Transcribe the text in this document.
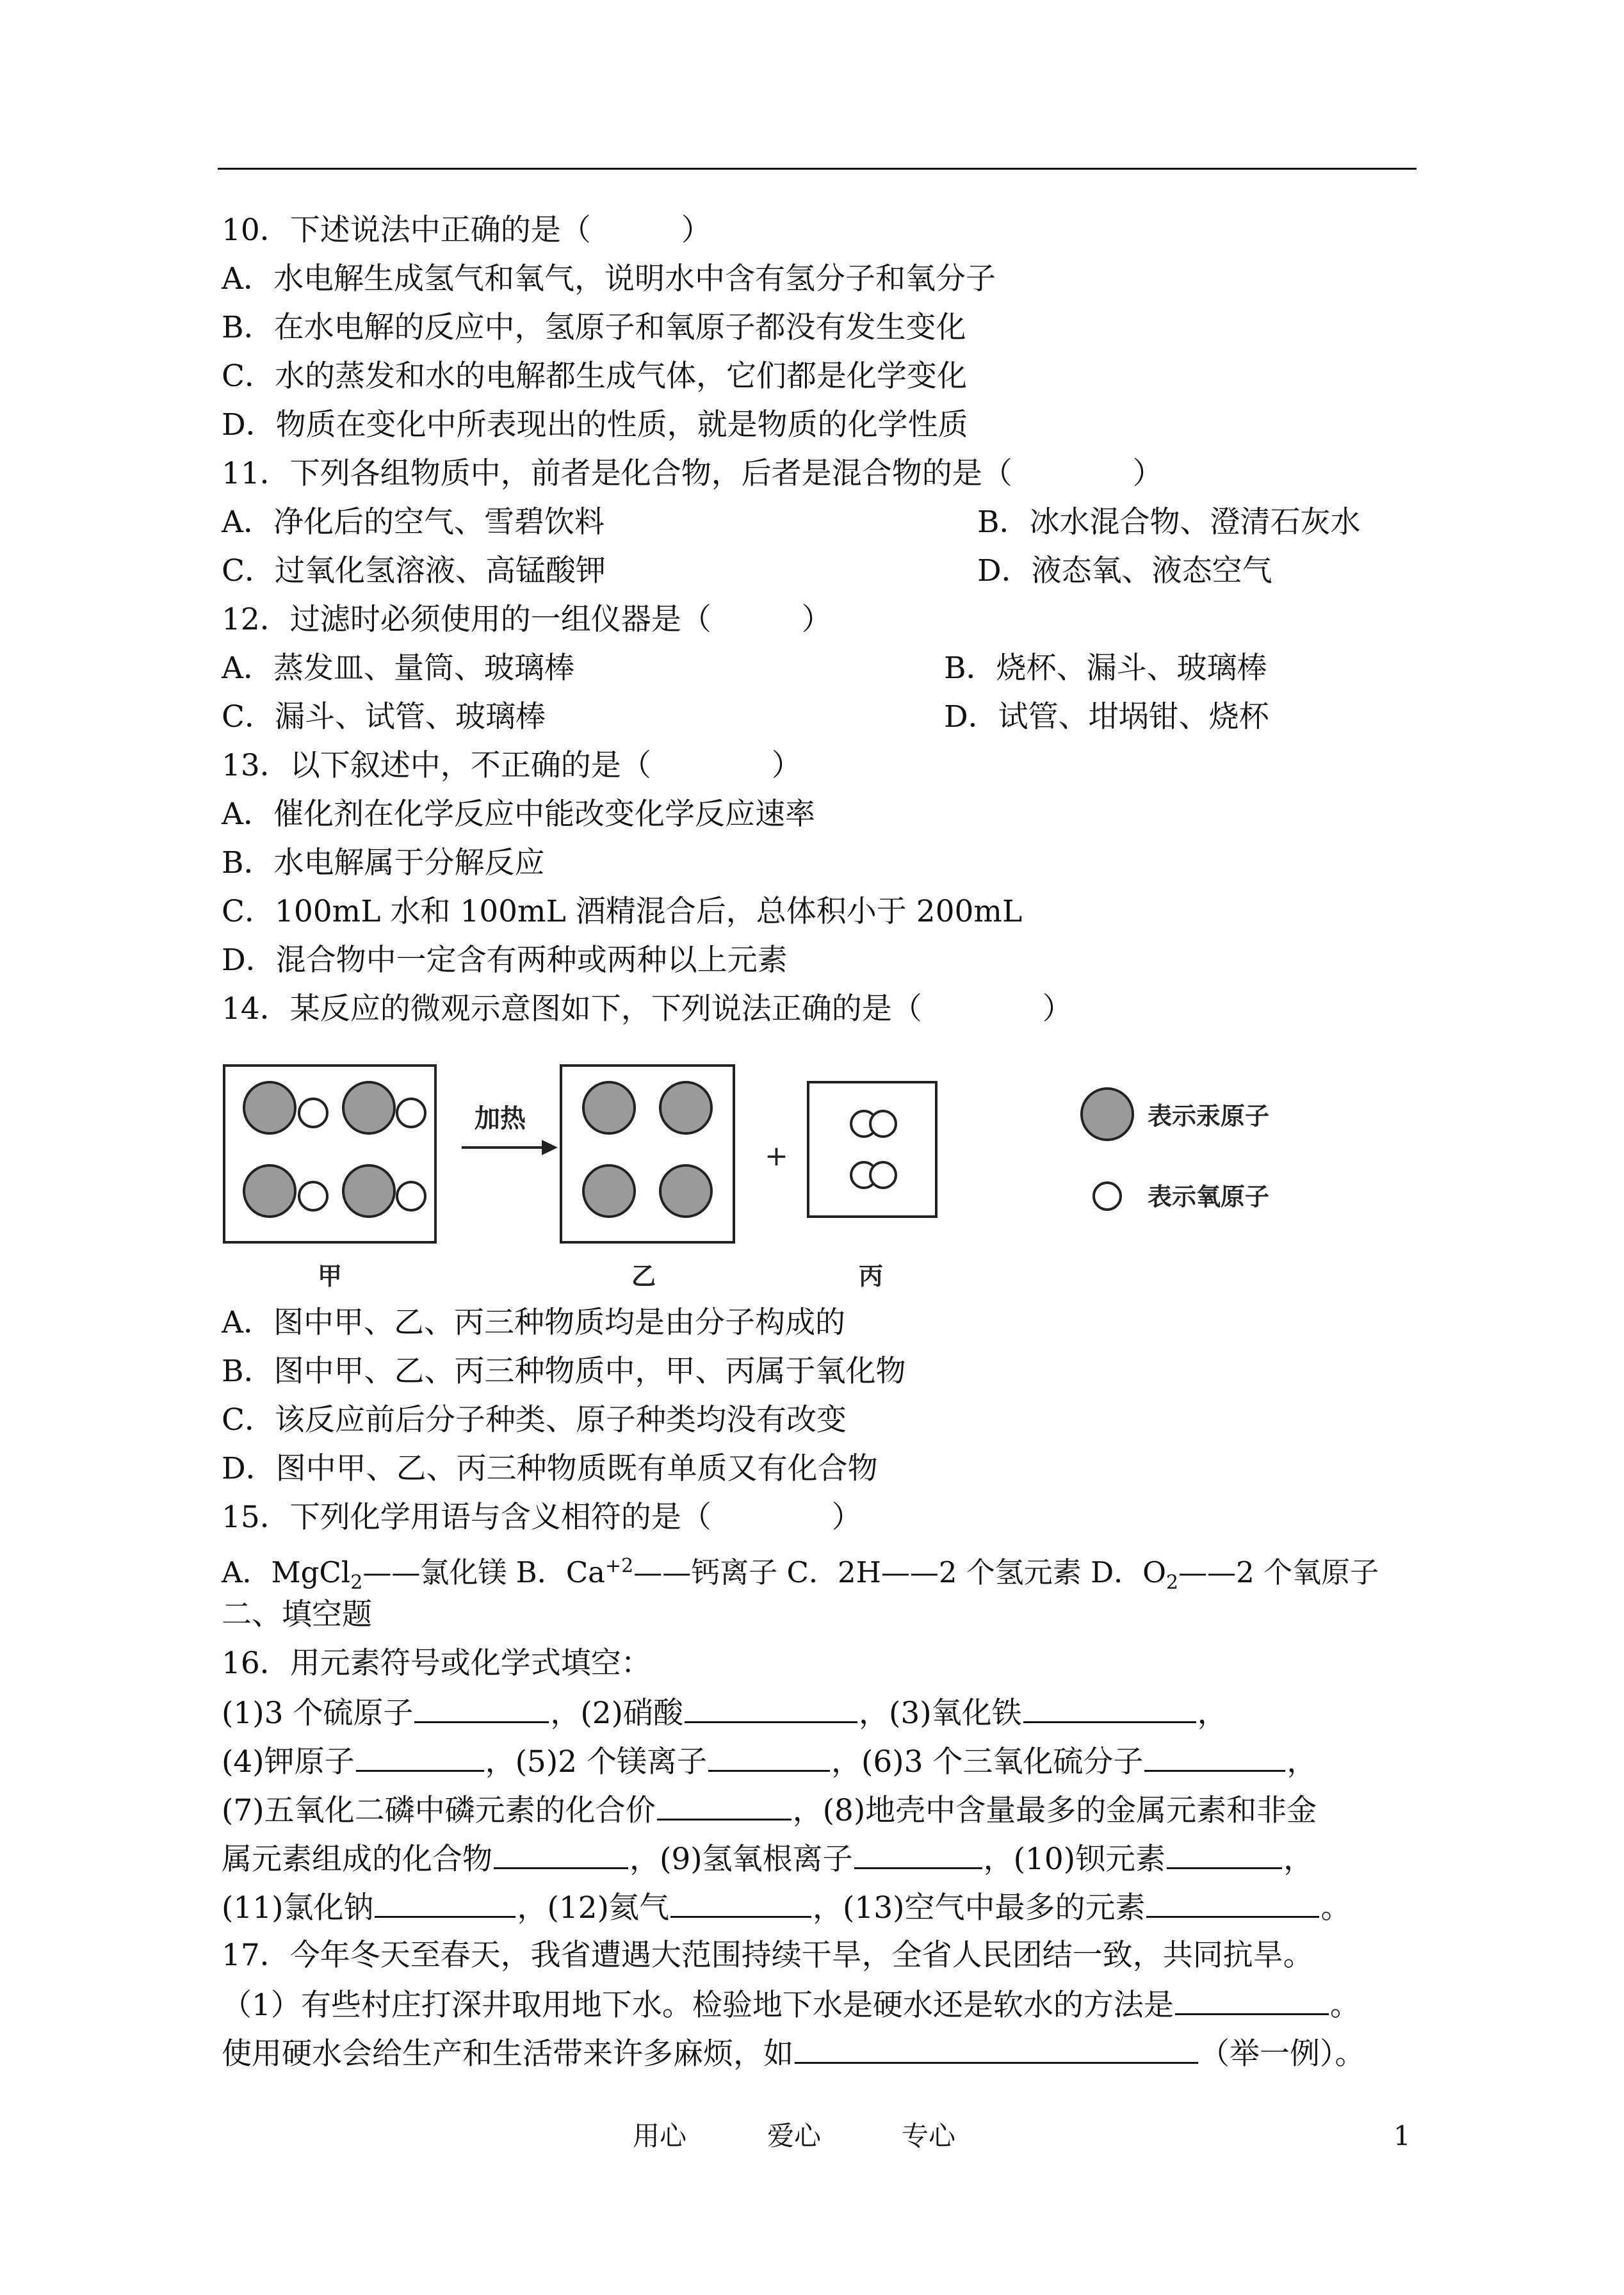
10．下述说法中正确的是（　　　）
A．水电解生成氢气和氧气，说明水中含有氢分子和氧分子
B．在水电解的反应中，氢原子和氧原子都没有发生变化
C．水的蒸发和水的电解都生成气体，它们都是化学变化
D．物质在变化中所表现出的性质，就是物质的化学性质
11．下列各组物质中，前者是化合物，后者是混合物的是（　　　　）
A．净化后的空气、雪碧饮料	B．冰水混合物、澄清石灰水
C．过氧化氢溶液、高锰酸钾	D．液态氧、液态空气
12．过滤时必须使用的一组仪器是（　　　）
A．蒸发皿、量筒、玻璃棒	B．烧杯、漏斗、玻璃棒
C．漏斗、试管、玻璃棒	D．试管、坩埚钳、烧杯
13．以下叙述中，不正确的是（　　　　）
A．催化剂在化学反应中能改变化学反应速率
B．水电解属于分解反应
C．100mL 水和 100mL 酒精混合后，总体积小于 200mL
D．混合物中一定含有两种或两种以上元素
14．某反应的微观示意图如下，下列说法正确的是（　　　　）
加热
+
表示汞原子
表示氧原子
甲	乙	丙
A．图中甲、乙、丙三种物质均是由分子构成的
B．图中甲、乙、丙三种物质中，甲、丙属于氧化物
C．该反应前后分子种类、原子种类均没有改变
D．图中甲、乙、丙三种物质既有单质又有化合物
15．下列化学用语与含义相符的是（　　　　）
A．MgCl$_2$——氯化镁 B．$Ca^{+2}——$钙离子 C．2H——2 个氢元素 D．$O_2——2$ 个氧原子
二、填空题
16．用元素符号或化学式填空：
(1)3 个硫原子	，(2)硝酸	，(3)氧化铁	，
(4)钾原子	，(5)2 个镁离子	，(6)3 个三氧化硫分子	，
(7)五氧化二磷中磷元素的化合价	，(8)地壳中含量最多的金属元素和非金
属元素组成的化合物	，(9)氢氧根离子	，(10)钡元素	，
(11)氯化钠	，(12)氦气	，(13)空气中最多的元素	。
17．今年冬天至春天，我省遭遇大范围持续干旱，全省人民团结一致，共同抗旱。
（1）有些村庄打深井取用地下水。检验地下水是硬水还是软水的方法是	。
使用硬水会给生产和生活带来许多麻烦，如	（举一例）。
用心　　　爱心　　　专心	1
